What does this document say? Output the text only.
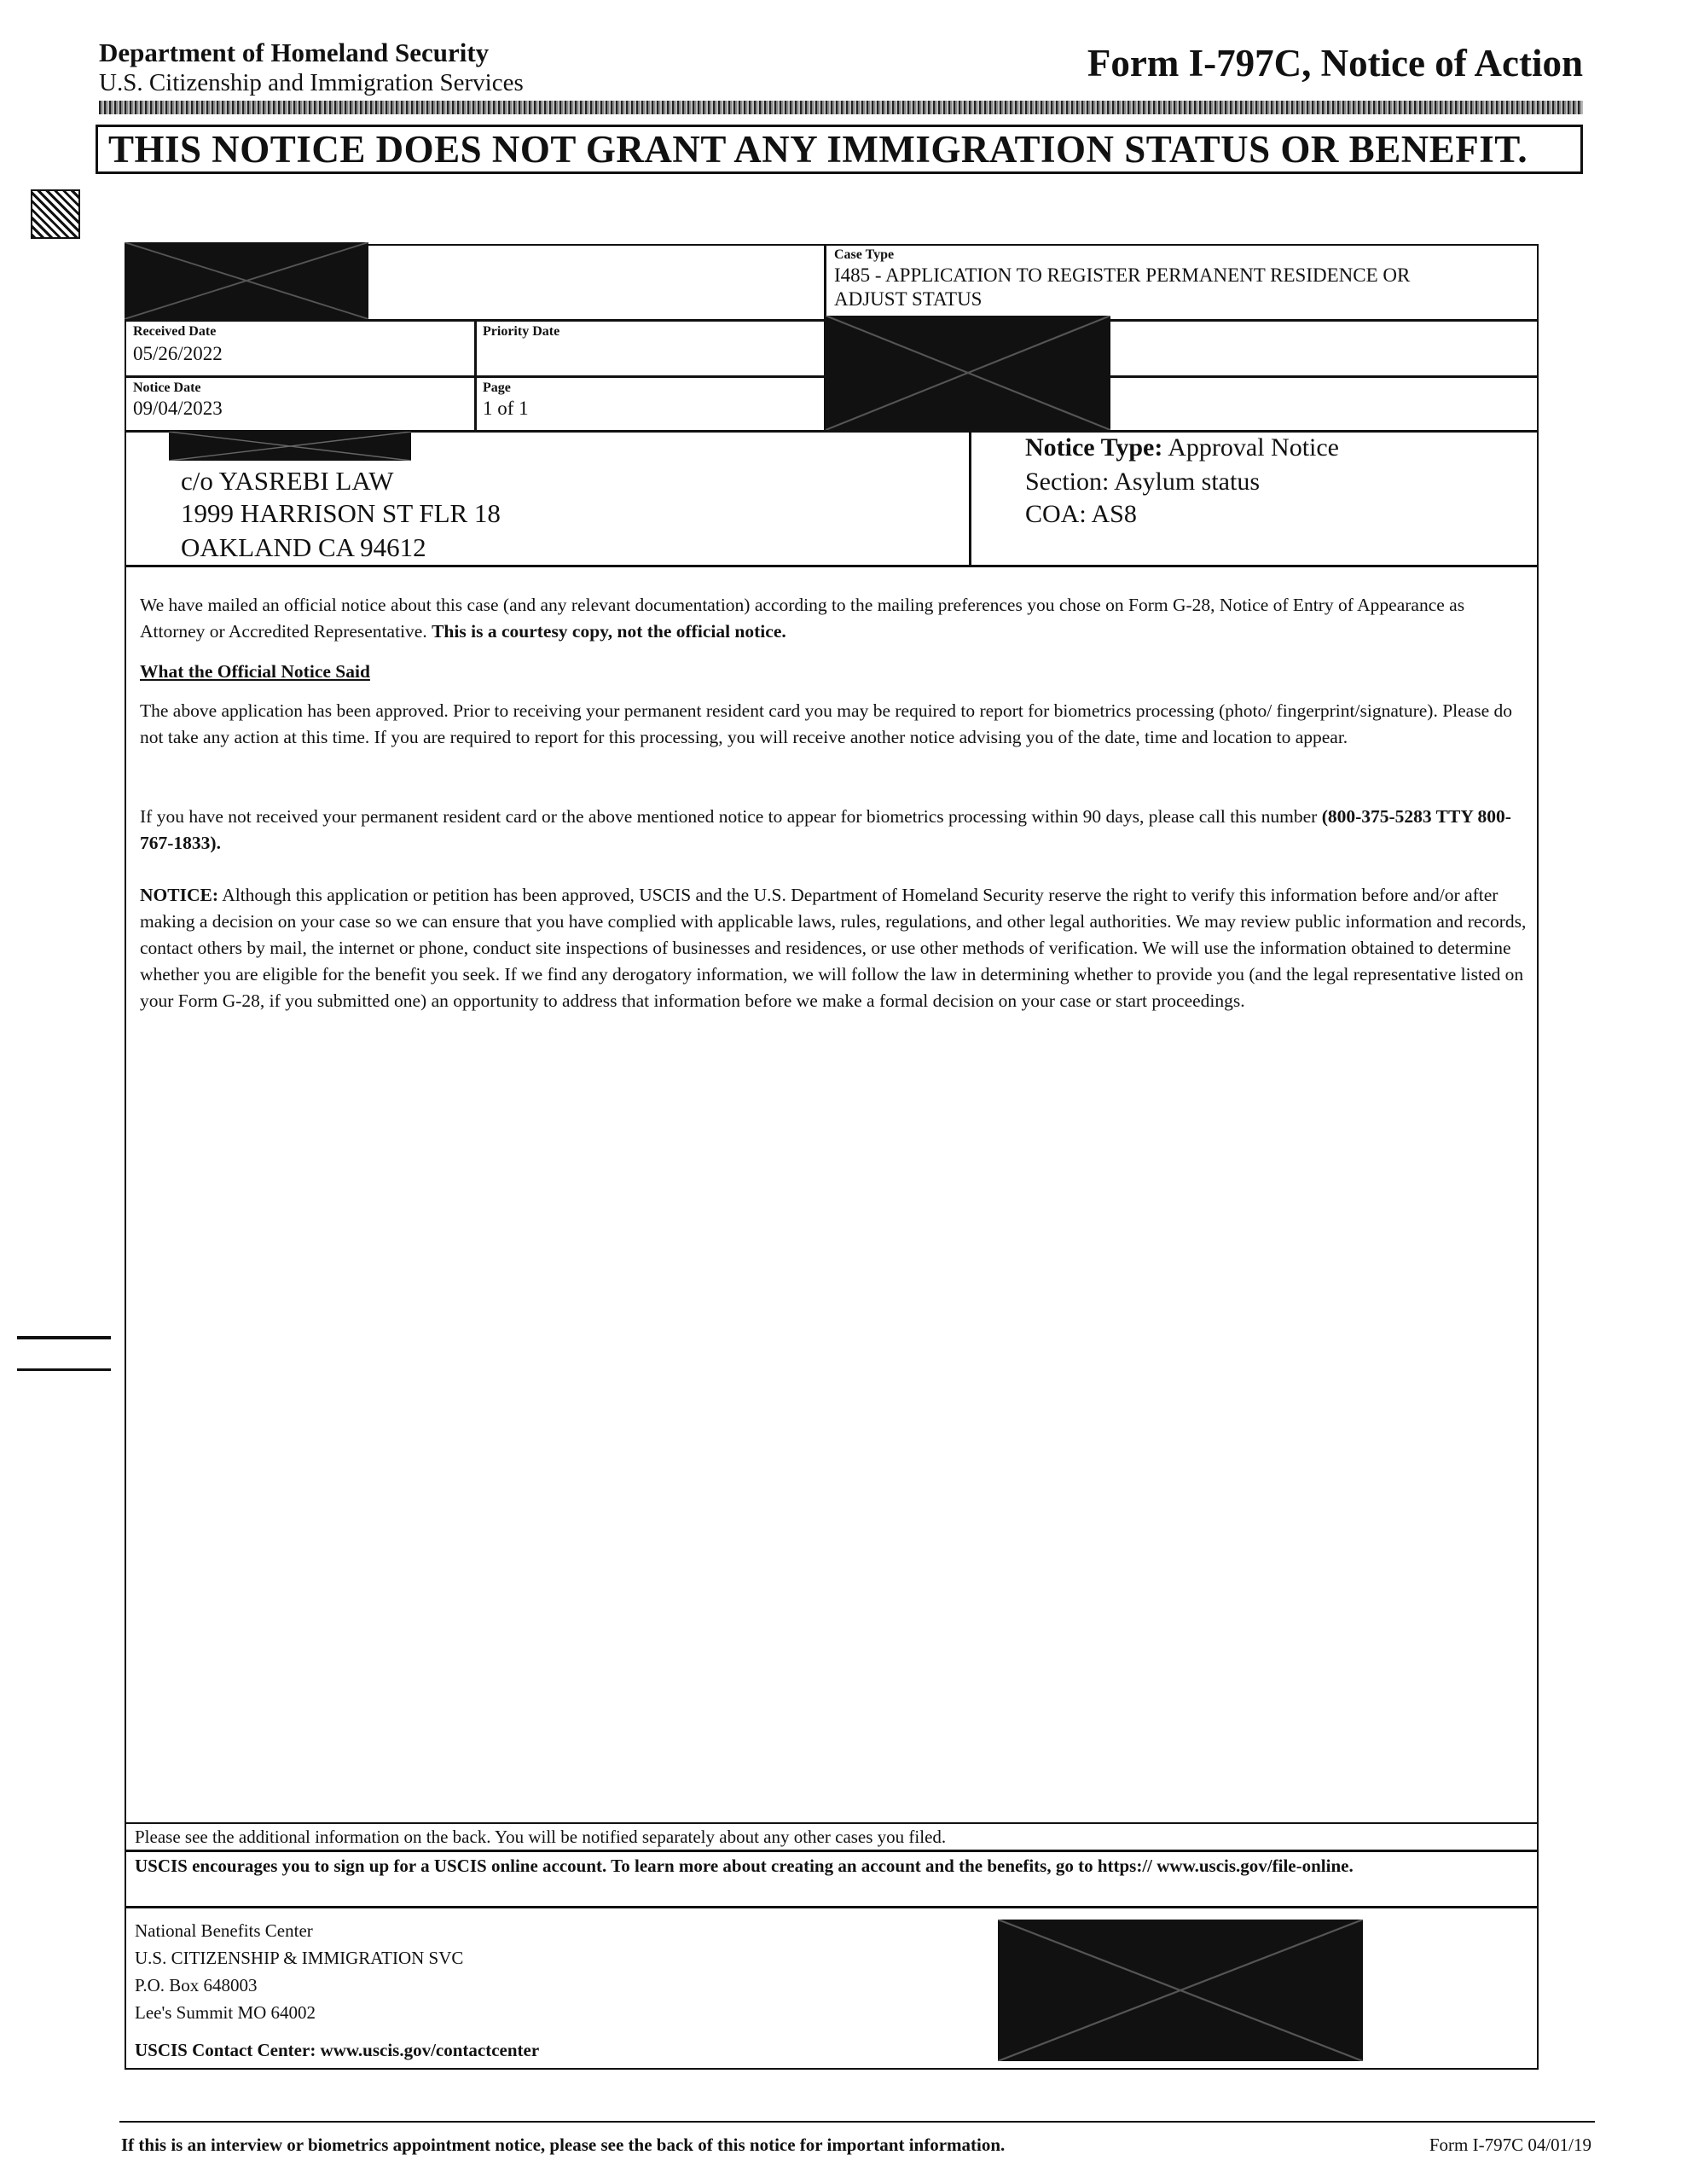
Department of Homeland Security
U.S. Citizenship and Immigration Services	Form I-797C, Notice of Action
THIS NOTICE DOES NOT GRANT ANY IMMIGRATION STATUS OR BENEFIT.
Case Type
I485 - APPLICATION TO REGISTER PERMANENT RESIDENCE OR
ADJUST STATUS
Received Date
05/26/2022
Priority Date
Notice Date
09/04/2023
Page
1 of 1
c/o YASREBI LAW
1999 HARRISON ST FLR 18
OAKLAND CA 94612
Notice Type: Approval Notice
Section: Asylum status
COA: AS8
We have mailed an official notice about this case (and any relevant documentation) according to the mailing preferences you chose on Form G-28, Notice of Entry of Appearance as Attorney or Accredited Representative. This is a courtesy copy, not the official notice.
What the Official Notice Said
The above application has been approved. Prior to receiving your permanent resident card you may be required to report for biometrics processing (photo/ fingerprint/signature). Please do not take any action at this time. If you are required to report for this processing, you will receive another notice advising you of the date, time and location to appear.
If you have not received your permanent resident card or the above mentioned notice to appear for biometrics processing within 90 days, please call this number (800-375-5283 TTY 800-767-1833).
NOTICE: Although this application or petition has been approved, USCIS and the U.S. Department of Homeland Security reserve the right to verify this information before and/or after making a decision on your case so we can ensure that you have complied with applicable laws, rules, regulations, and other legal authorities. We may review public information and records, contact others by mail, the internet or phone, conduct site inspections of businesses and residences, or use other methods of verification. We will use the information obtained to determine whether you are eligible for the benefit you seek. If we find any derogatory information, we will follow the law in determining whether to provide you (and the legal representative listed on your Form G-28, if you submitted one) an opportunity to address that information before we make a formal decision on your case or start proceedings.
Please see the additional information on the back. You will be notified separately about any other cases you filed.
USCIS encourages you to sign up for a USCIS online account. To learn more about creating an account and the benefits, go to https:// www.uscis.gov/file-online.
National Benefits Center
U.S. CITIZENSHIP & IMMIGRATION SVC
P.O. Box 648003
Lee's Summit MO 64002
USCIS Contact Center: www.uscis.gov/contactcenter
If this is an interview or biometrics appointment notice, please see the back of this notice for important information.	Form I-797C 04/01/19
